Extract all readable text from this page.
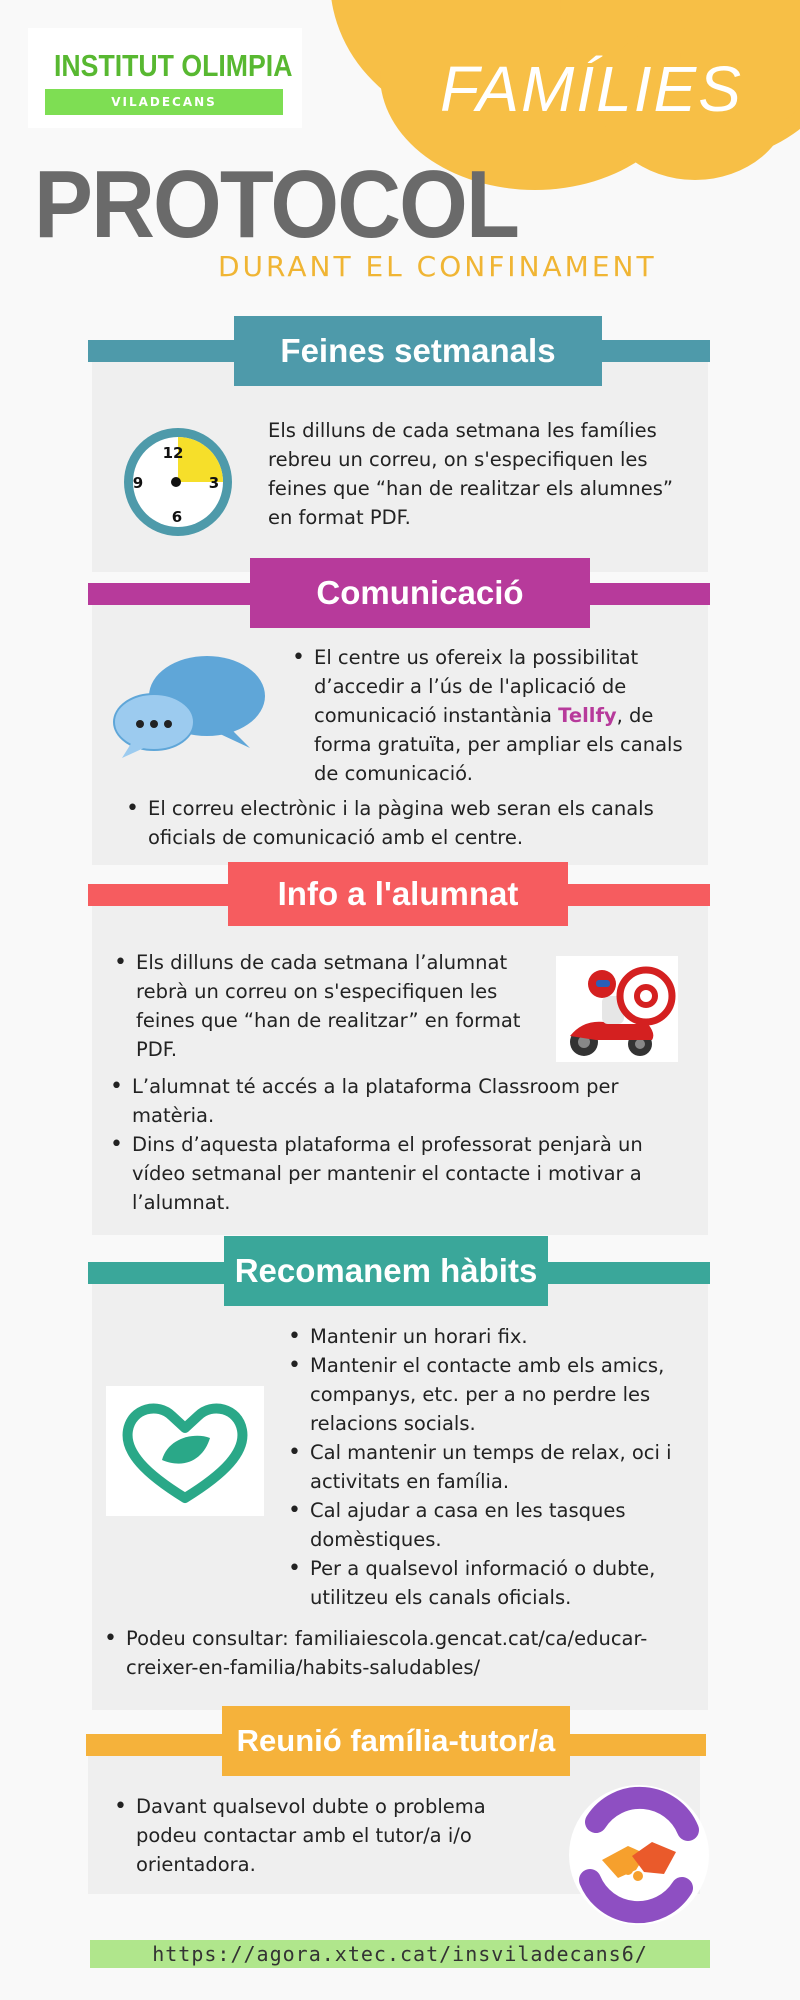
INSTITUT OLIMPIA
VILADECANS	FAMÍLIES
PROTOCOL
DURANT EL CONFINAMENT
Feines setmanals
12
3
6
9
Els dilluns de cada setmana les famílies rebreu un correu, on s'especifiquen les feines que “han de realitzar els alumnes” en format PDF.
Comunicació
• El centre us ofereix la possibilitat d’accedir a l’ús de l'aplicació de comunicació instantània Tellfy, de forma gratuïta, per ampliar els canals de comunicació.
• El correu electrònic i la pàgina web seran els canals oficials de comunicació amb el centre.
Info a l'alumnat
• Els dilluns de cada setmana l’alumnat rebrà un correu on s'especifiquen les feines que “han de realitzar” en format PDF.
• L’alumnat té accés a la plataforma Classroom per matèria.
• Dins d’aquesta plataforma el professorat penjarà un vídeo setmanal per mantenir el contacte i motivar a l’alumnat.
Recomanem hàbits
• Mantenir un horari fix.
• Mantenir el contacte amb els amics, companys, etc. per a no perdre les relacions socials.
• Cal mantenir un temps de relax, oci i activitats en família.
• Cal ajudar a casa en les tasques domèstiques.
• Per a qualsevol informació o dubte, utilitzeu els canals oficials.
• Podeu consultar: familiaiescola.gencat.cat/ca/educar-creixer-en-familia/habits-saludables/
Reunió família-tutor/a
• Davant qualsevol dubte o problema podeu contactar amb el tutor/a i/o orientadora.
https://agora.xtec.cat/insviladecans6/
